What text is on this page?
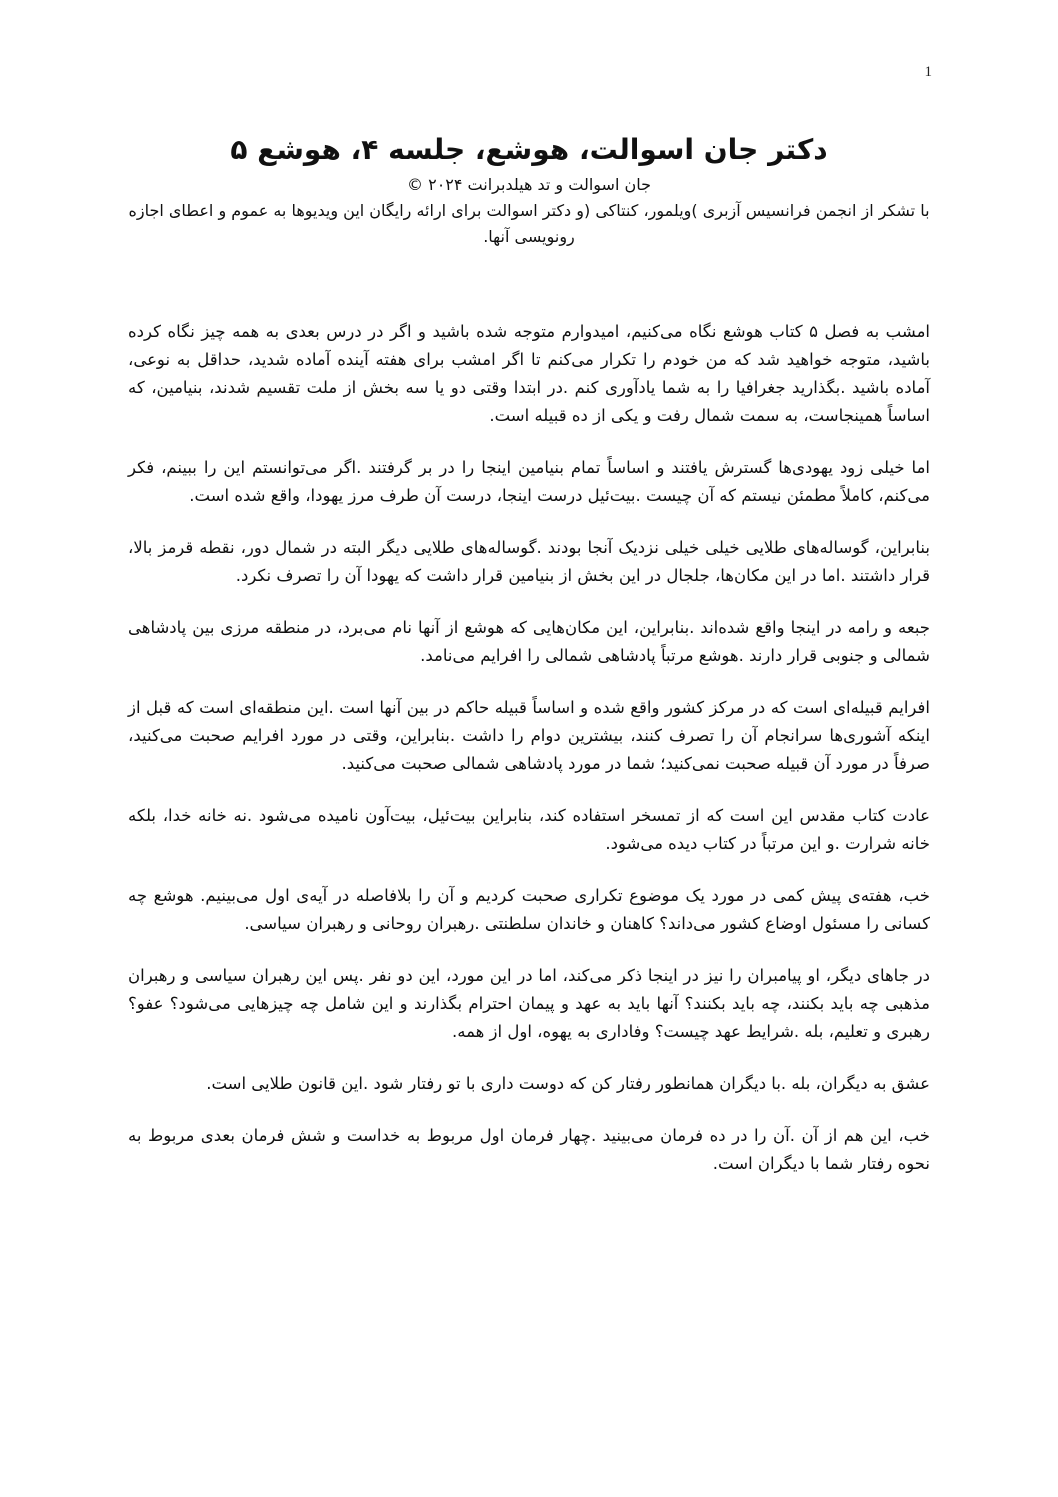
1
دکتر جان اسوالت، هوشع، جلسه ۴، هوشع ۵

جان اسوالت و تد هیلدبرانت ۲۰۲۴ ©

با تشکر از انجمن فرانسیس آزبری )ویلمور، کنتاکی (و دکتر اسوالت برای ارائه رایگان این ویدیوها به عموم و اعطای اجازه رونویسی آنها.

امشب به فصل ۵ کتاب هوشع نگاه می‌کنیم، امیدوارم متوجه شده باشید و اگر در درس بعدی به همه چیز نگاه کرده باشید، متوجه خواهید شد که من خودم را تکرار می‌کنم تا اگر امشب برای هفته آینده آماده شدید، حداقل به نوعی، آماده باشید .بگذارید جغرافیا را به شما یادآوری کنم .در ابتدا وقتی دو یا سه بخش از ملت تقسیم شدند، بنیامین، که اساساً همینجاست، به سمت شمال رفت و یکی از ده قبیله است.

اما خیلی زود یهودی‌ها گسترش یافتند و اساساً تمام بنیامین اینجا را در بر گرفتند .اگر می‌توانستم این را ببینم، فکر می‌کنم، کاملاً مطمئن نیستم که آن چیست .بیت‌ئیل درست اینجا، درست آن طرف مرز یهودا، واقع شده است.

بنابراین، گوساله‌های طلایی خیلی خیلی نزدیک آنجا بودند .گوساله‌های طلایی دیگر البته در شمال دور، نقطه قرمز بالا، قرار داشتند .اما در این مکان‌ها، جلجال در این بخش از بنیامین قرار داشت که یهودا آن را تصرف نکرد.

جبعه و رامه در اینجا واقع شده‌اند .بنابراین، این مکان‌هایی که هوشع از آنها نام می‌برد، در منطقه مرزی بین پادشاهی شمالی و جنوبی قرار دارند .هوشع مرتباً پادشاهی شمالی را افرایم می‌نامد.

افرایم قبیله‌ای است که در مرکز کشور واقع شده و اساساً قبیله حاکم در بین آنها است .این منطقه‌ای است که قبل از اینکه آشوری‌ها سرانجام آن را تصرف کنند، بیشترین دوام را داشت .بنابراین، وقتی در مورد افرایم صحبت می‌کنید، صرفاً در مورد آن قبیله صحبت نمی‌کنید؛ شما در مورد پادشاهی شمالی صحبت می‌کنید.

عادت کتاب مقدس این است که از تمسخر استفاده کند، بنابراین بیت‌ئیل، بیت‌آون نامیده می‌شود .نه خانه خدا، بلکه خانه شرارت .و این مرتباً در کتاب دیده می‌شود.

خب، هفته‌ی پیش کمی در مورد یک موضوع تکراری صحبت کردیم و آن را بلافاصله در آیه‌ی اول می‌بینیم. هوشع چه کسانی را مسئول اوضاع کشور می‌داند؟ کاهنان و خاندان سلطنتی .رهبران روحانی و رهبران سیاسی.

در جاهای دیگر، او پیامبران را نیز در اینجا ذکر می‌کند، اما در این مورد، این دو نفر .پس این رهبران سیاسی و رهبران مذهبی چه باید بکنند، چه باید بکنند؟ آنها باید به عهد و پیمان احترام بگذارند و این شامل چه چیزهایی می‌شود؟ عفو؟ رهبری و تعلیم، بله .شرایط عهد چیست؟ وفاداری به یهوه، اول از همه.

عشق به دیگران، بله .با دیگران همانطور رفتار کن که دوست داری با تو رفتار شود .این قانون طلایی است.

خب، این هم از آن .آن را در ده فرمان می‌بینید .چهار فرمان اول مربوط به خداست و شش فرمان بعدی مربوط به نحوه رفتار شما با دیگران است.
